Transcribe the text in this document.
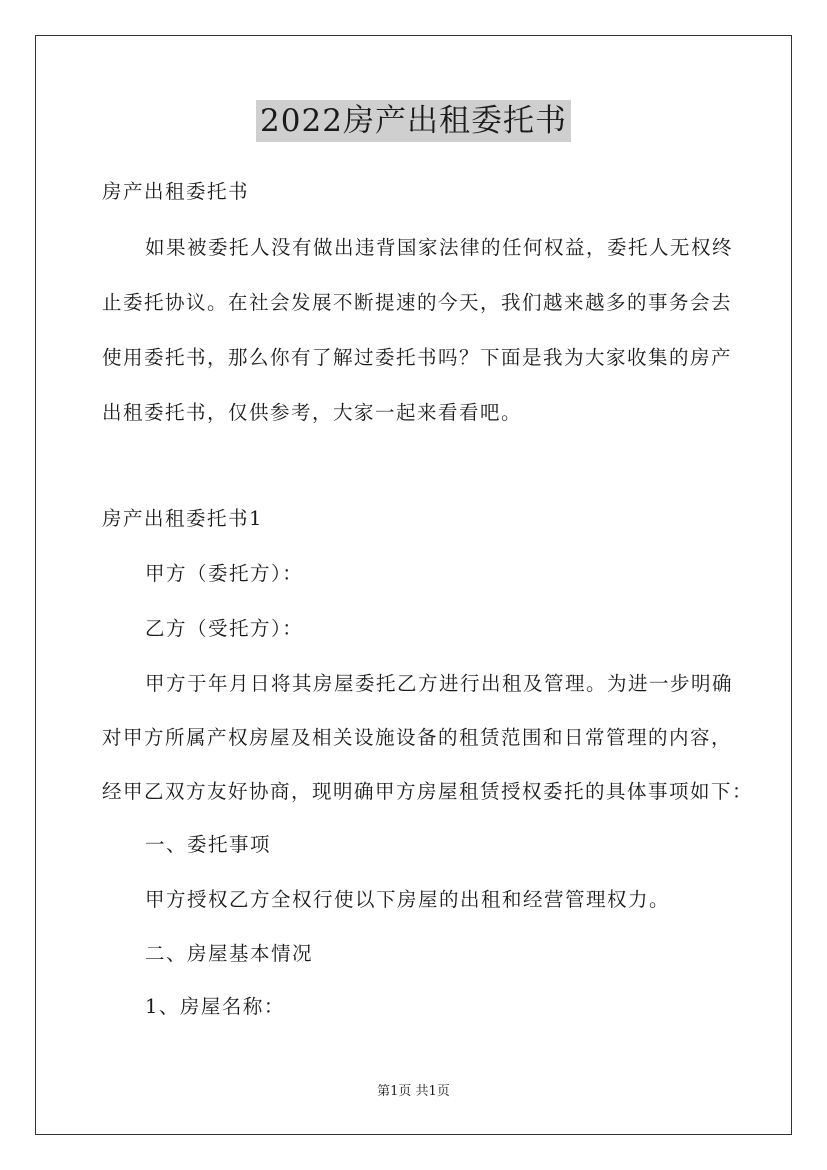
2022房产出租委托书
房产出租委托书
如果被委托人没有做出违背国家法律的任何权益，委托人无权终
止委托协议。在社会发展不断提速的今天，我们越来越多的事务会去
使用委托书，那么你有了解过委托书吗？下面是我为大家收集的房产
出租委托书，仅供参考，大家一起来看看吧。
房产出租委托书1
甲方（委托方）：
乙方（受托方）：
甲方于年月日将其房屋委托乙方进行出租及管理。为进一步明确
对甲方所属产权房屋及相关设施设备的租赁范围和日常管理的内容，
经甲乙双方友好协商，现明确甲方房屋租赁授权委托的具体事项如下：
一、委托事项
甲方授权乙方全权行使以下房屋的出租和经营管理权力。
二、房屋基本情况
1、房屋名称：
第1页 共1页
